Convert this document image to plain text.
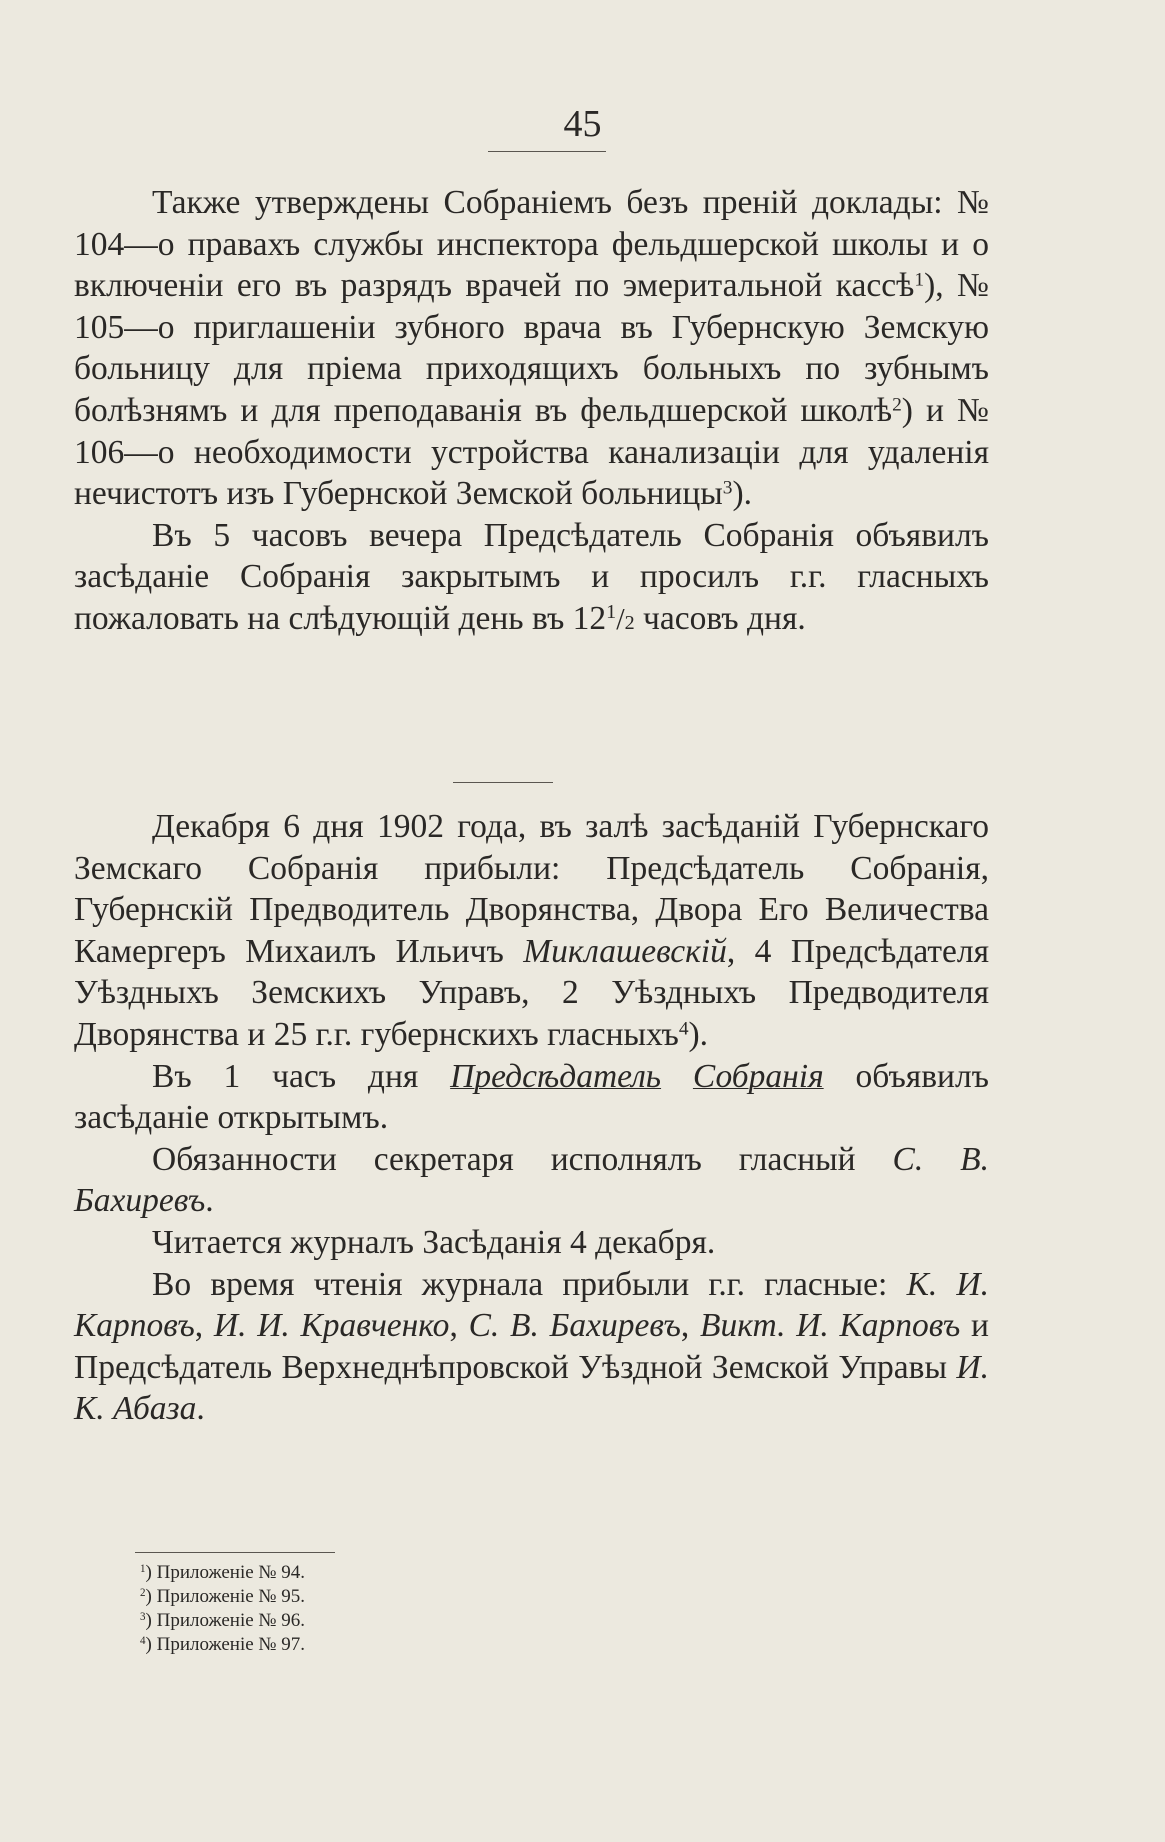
45

Также утверждены Собраніемъ безъ преній доклады: № 104—о правахъ службы инспектора фельдшерской школы и о включеніи его въ разрядъ врачей по эмеритальной кассѣ$^1$), № 105—о приглашеніи зубного врача въ Губернскую Земскую больницу для пріема приходящихъ больныхъ по зубнымъ болѣзнямъ и для преподаванія въ фельдшерской школѣ$^2$) и № 106—о необходимости устройства канализаціи для удаленія нечистотъ изъ Губернской Земской больницы$^3$).

Въ 5 часовъ вечера Предсѣдатель Собранія объявилъ засѣданіе Собранія закрытымъ и просилъ г.г. гласныхъ пожаловать на слѣдующій день въ $12^1/2$ часовъ дня.

Декабря 6 дня 1902 года, въ залѣ засѣданій Губернскаго Земскаго Собранія прибыли: Предсѣдатель Собранія, Губернскій Предводитель Дворянства, Двора Его Величества Камергеръ Михаилъ Ильичъ Миклашевскій, 4 Предсѣдателя Уѣздныхъ Земскихъ Управъ, 2 Уѣздныхъ Предводителя Дворянства и 25 г.г. губернскихъ гласныхъ$^4$).

Въ 1 часъ дня Предсѣдатель Собранія объявилъ засѣданіе открытымъ.

Обязанности секретаря исполнялъ гласный С. В. Бахиревъ.

Читается журналъ Засѣданія 4 декабря.

Во время чтенія журнала прибыли г.г. гласные: К. И. Карповъ, И. И. Кравченко, С. В. Бахиревъ, Викт. И. Карповъ и Предсѣдатель Верхнеднѣпровской Уѣздной Земской Управы И. К. Абаза.

$^1$) Приложеніе № 94.
$^2$) Приложеніе № 95.
$^3$) Приложеніе № 96.
$^4$) Приложеніе № 97.
